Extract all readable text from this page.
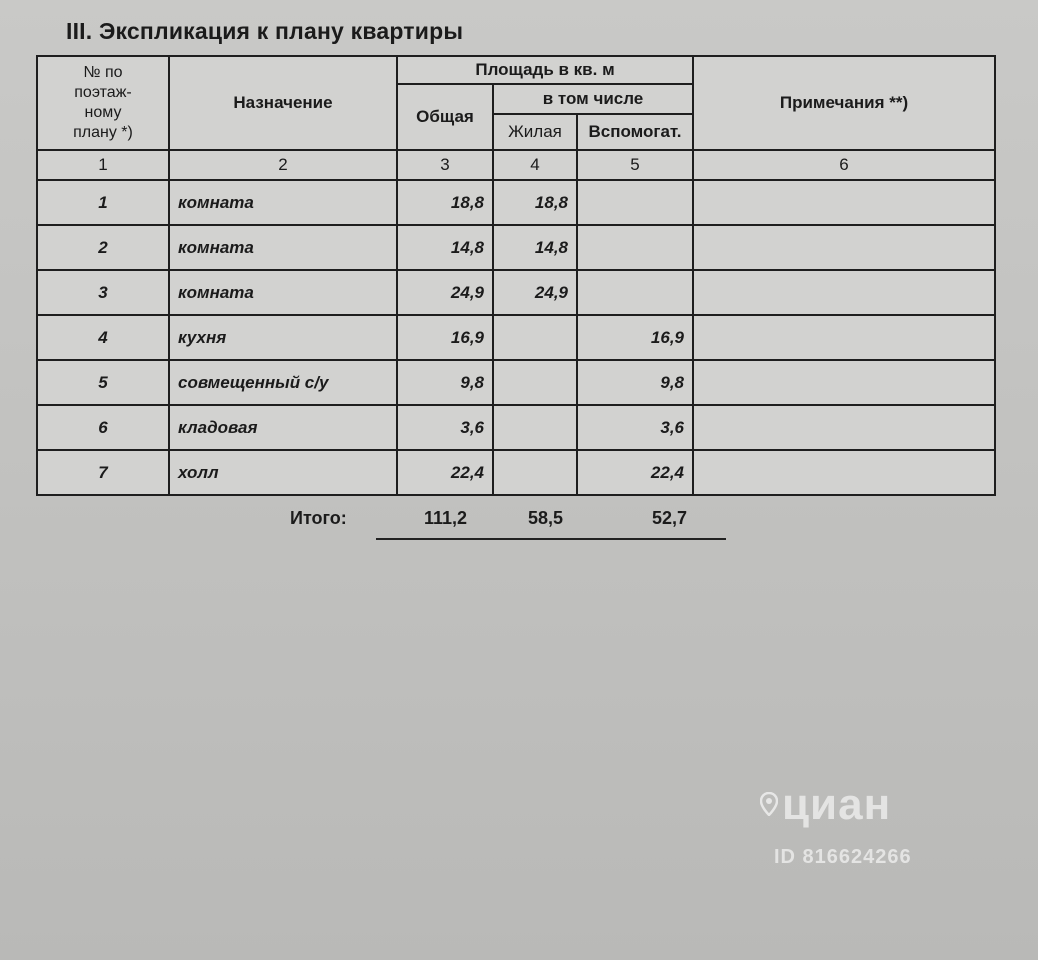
III. Экспликация к плану квартиры
№ по
поэтаж-
ному
плану *)	Назначение	Площадь в кв. м			Примечания **)
		Общая	в том числе		
			Жилая	Вспомогат.	
1	2	3	4	5	6
1	комната	18,8	18,8		
2	комната	14,8	14,8		
3	комната	24,9	24,9		
4	кухня	16,9		16,9	
5	совмещенный с/у	9,8		9,8	
6	кладовая	3,6		3,6	
7	холл	22,4		22,4	
Итого:	111,2	58,5	52,7
циан
ID 816624266
